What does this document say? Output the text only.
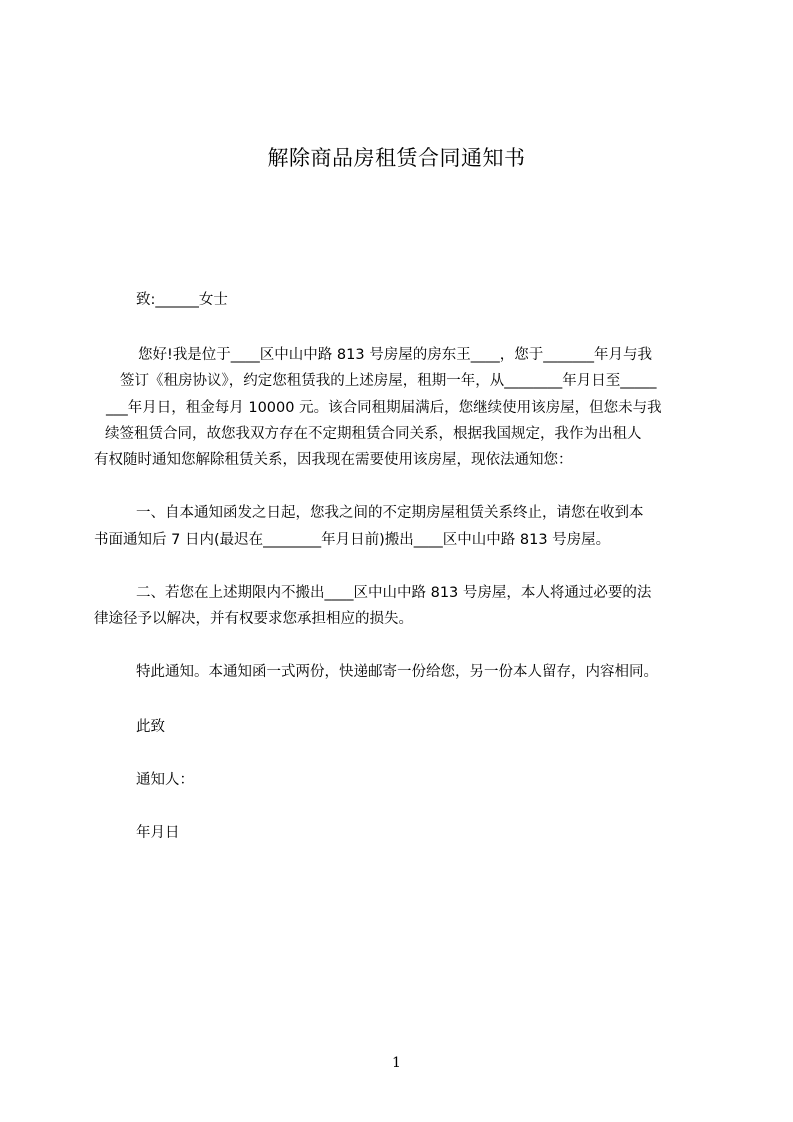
解除商品房租赁合同通知书
致:______女士
您好!我是位于____区中山中路 813 号房屋的房东王____，您于_______年月与我
签订《租房协议》，约定您租赁我的上述房屋，租期一年，从________年月日至_____
___年月日，租金每月 10000 元。该合同租期届满后，您继续使用该房屋，但您未与我
续签租赁合同，故您我双方存在不定期租赁合同关系，根据我国规定，我作为出租人
有权随时通知您解除租赁关系，因我现在需要使用该房屋，现依法通知您：
一、自本通知函发之日起，您我之间的不定期房屋租赁关系终止，请您在收到本
书面通知后 7 日内(最迟在________年月日前)搬出____区中山中路 813 号房屋。
二、若您在上述期限内不搬出____区中山中路 813 号房屋，本人将通过必要的法
律途径予以解决，并有权要求您承担相应的损失。
特此通知。本通知函一式两份，快递邮寄一份给您，另一份本人留存，内容相同。
此致
通知人：
年月日
1
